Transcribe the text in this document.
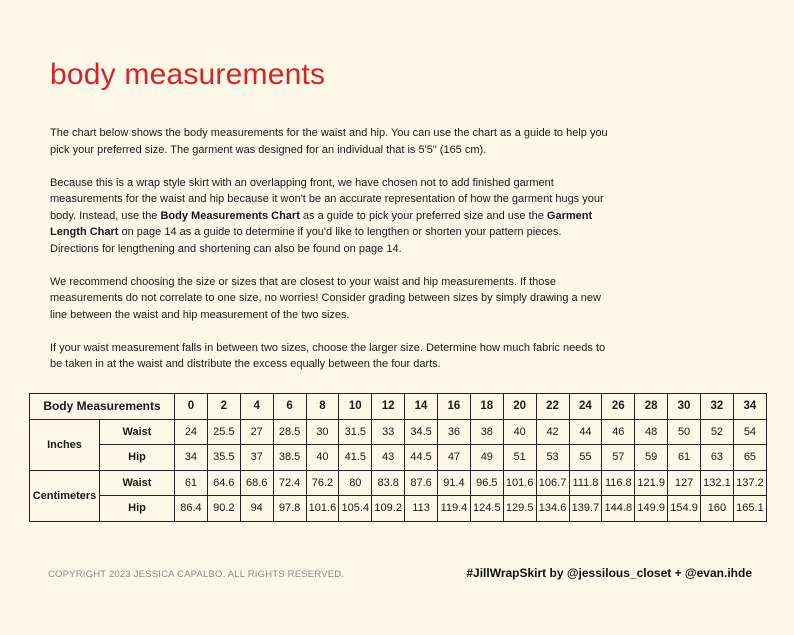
body measurements

The chart below shows the body measurements for the waist and hip. You can use the chart as a guide to help you pick your preferred size. The garment was designed for an individual that is 5'5" (165 cm).

Because this is a wrap style skirt with an overlapping front, we have chosen not to add finished garment measurements for the waist and hip because it won't be an accurate representation of how the garment hugs your body. Instead, use the Body Measurements Chart as a guide to pick your preferred size and use the Garment Length Chart on page 14 as a guide to determine if you'd like to lengthen or shorten your pattern pieces. Directions for lengthening and shortening can also be found on page 14.

We recommend choosing the size or sizes that are closest to your waist and hip measurements. If those measurements do not correlate to one size, no worries! Consider grading between sizes by simply drawing a new line between the waist and hip measurement of the two sizes.

If your waist measurement falls in between two sizes, choose the larger size. Determine how much fabric needs to be taken in at the waist and distribute the excess equally between the four darts.

Body Measurements		0	2	4	6	8	10	12	14	16	18	20	22	24	26	28	30	32	34
Inches	Waist	24	25.5	27	28.5	30	31.5	33	34.5	36	38	40	42	44	46	48	50	52	54
	Hip	34	35.5	37	38.5	40	41.5	43	44.5	47	49	51	53	55	57	59	61	63	65
Centimeters	Waist	61	64.6	68.6	72.4	76.2	80	83.8	87.6	91.4	96.5	101.6	106.7	111.8	116.8	121.9	127	132.1	137.2
	Hip	86.4	90.2	94	97.8	101.6	105.4	109.2	113	119.4	124.5	129.5	134.6	139.7	144.8	149.9	154.9	160	165.1
COPYRIGHT 2023 JESSICA CAPALBO. ALL RIGHTS RESERVED.	#JillWrapSkirt by @jessilous_closet + @evan.ihde
